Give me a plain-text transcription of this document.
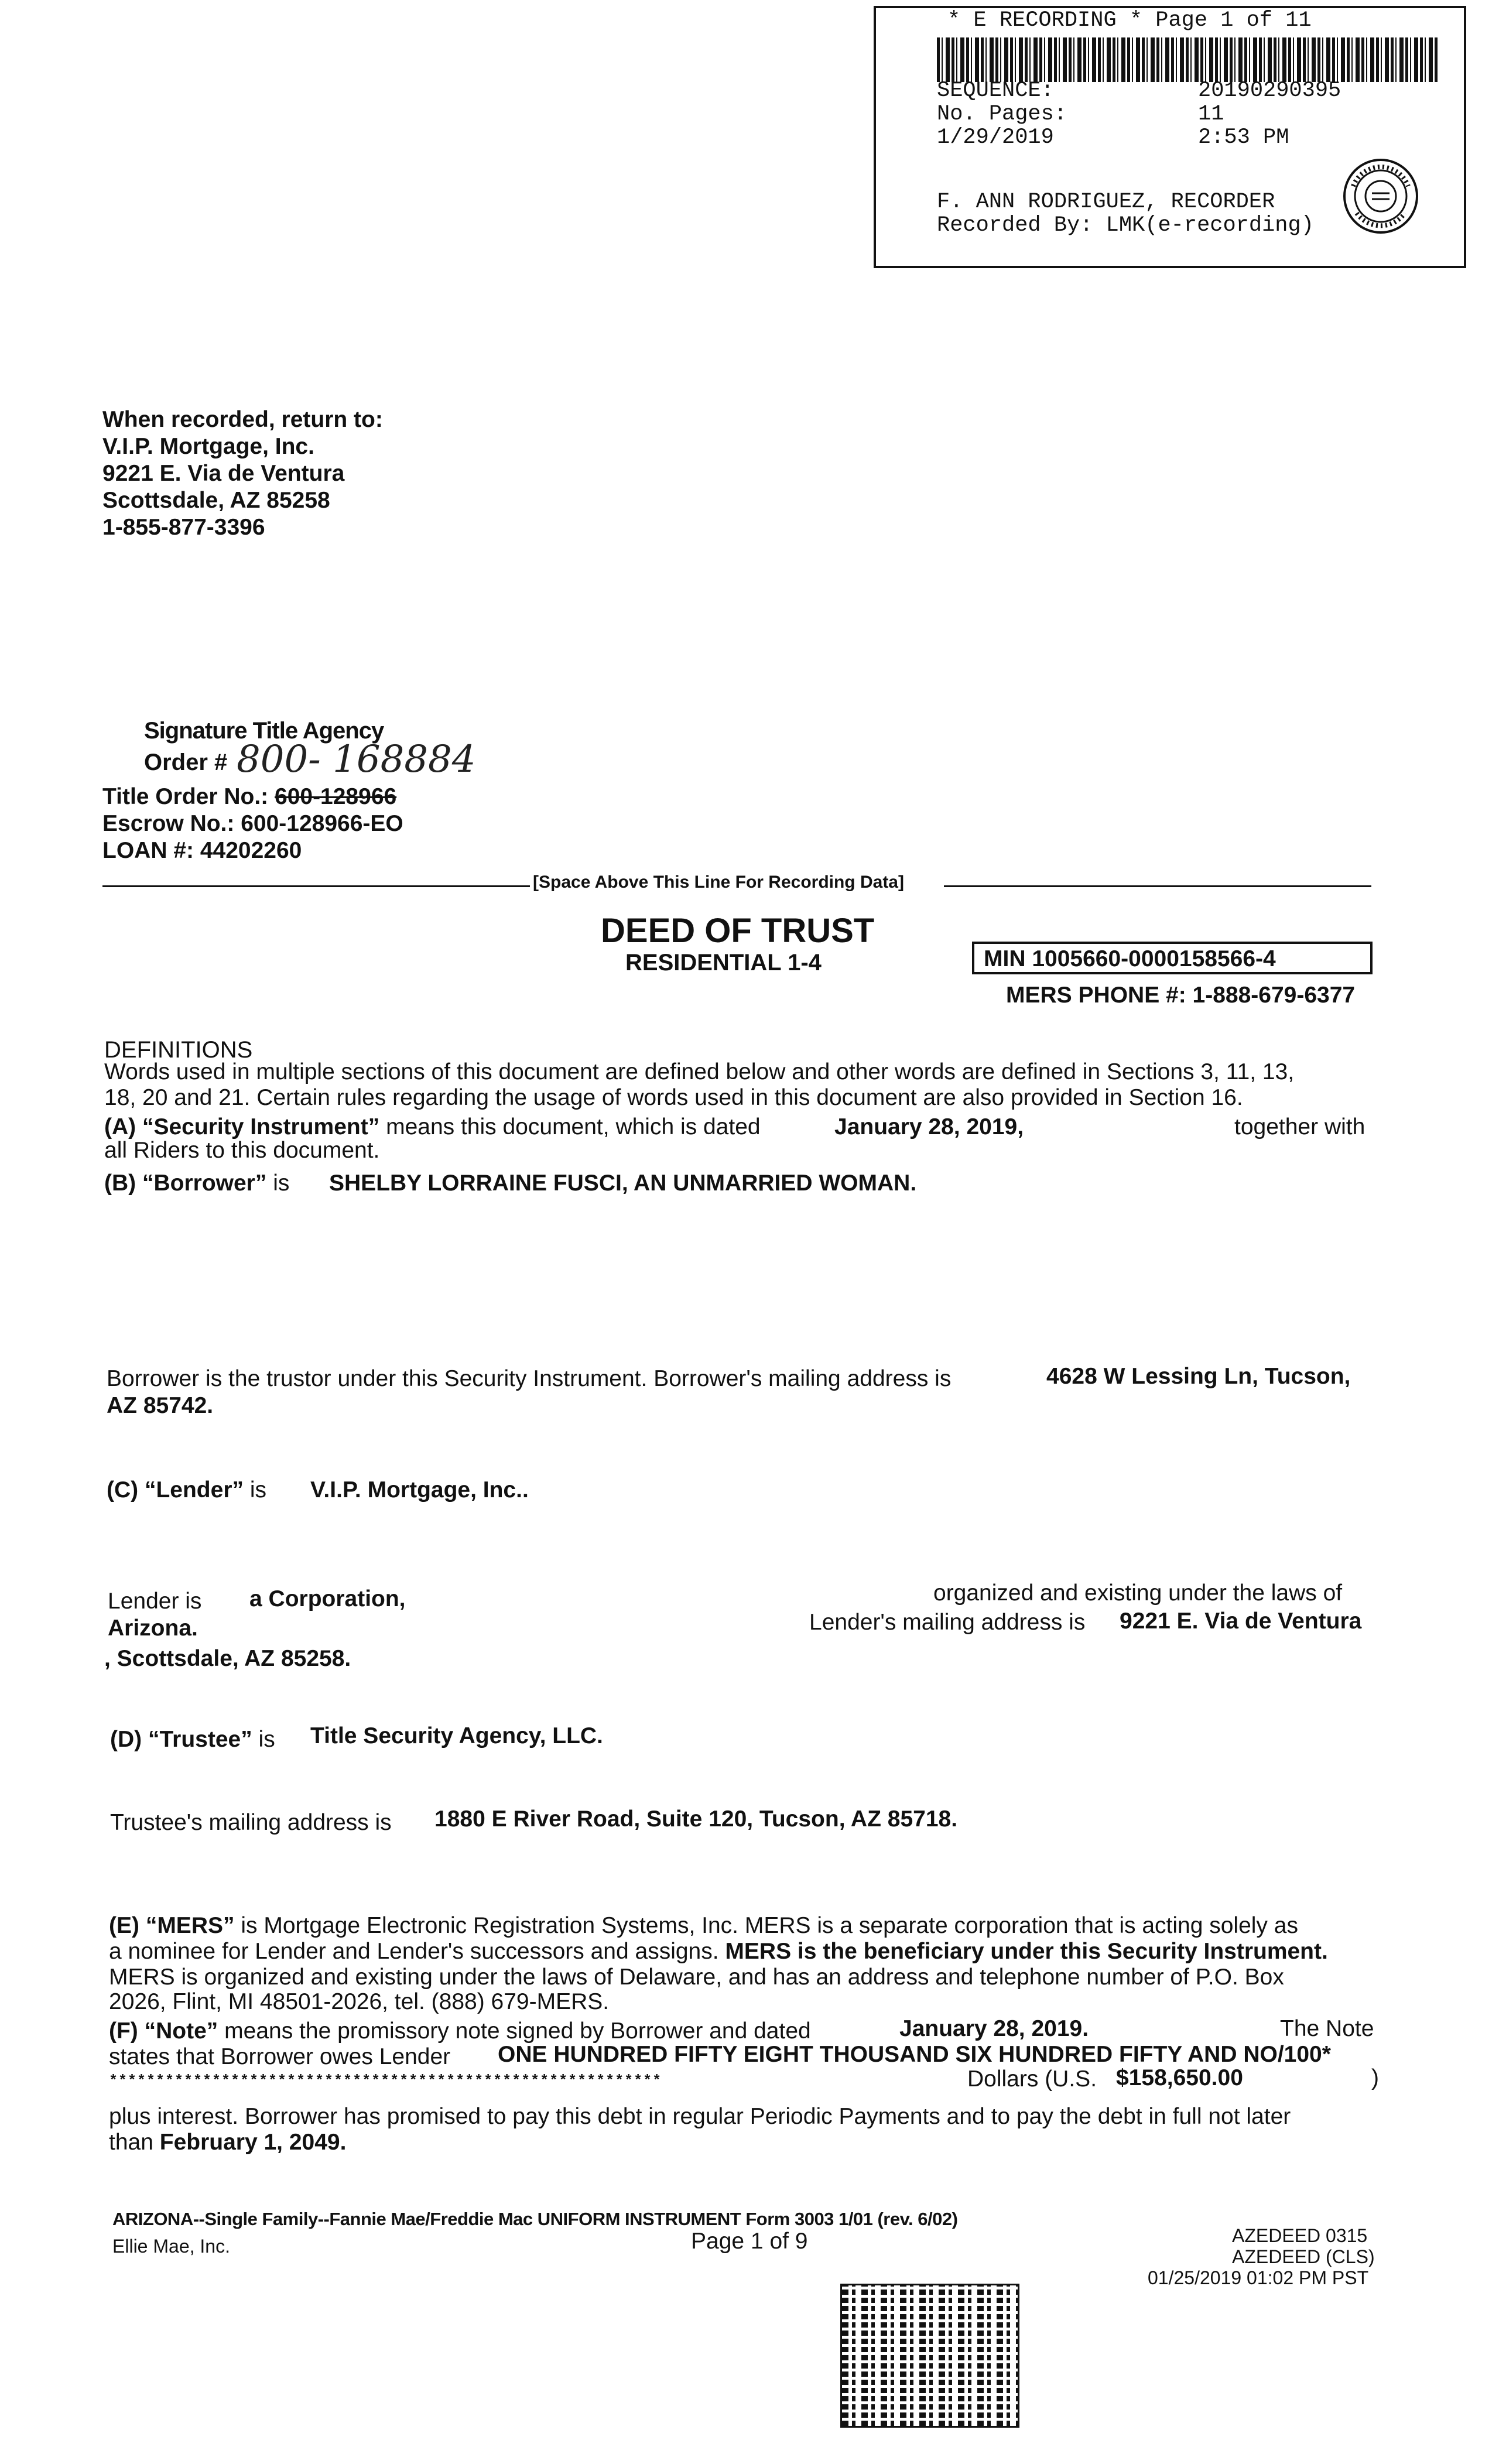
* E RECORDING * Page 1 of 11
SEQUENCE:	20190290395
No. Pages:	11
1/29/2019	2:53 PM
F. ANN RODRIGUEZ, RECORDER
Recorded By: LMK(e-recording)
When recorded, return to:
V.I.P. Mortgage, Inc.
9221 E. Via de Ventura
Scottsdale, AZ 85258
1-855-877-3396
Signature Title Agency
Order # 800- 168884
Title Order No.: 600-128966
Escrow No.: 600-128966-EO
LOAN #: 44202260
[Space Above This Line For Recording Data]
DEED OF TRUST
RESIDENTIAL 1-4	MIN 1005660-0000158566-4
MERS PHONE #: 1-888-679-6377
DEFINITIONS
Words used in multiple sections of this document are defined below and other words are defined in Sections 3, 11, 13,
18, 20 and 21. Certain rules regarding the usage of words used in this document are also provided in Section 16.
(A) “Security Instrument” means this document, which is dated	January 28, 2019,	together with
all Riders to this document.
(B) “Borrower” is SHELBY LORRAINE FUSCI, AN UNMARRIED WOMAN.
Borrower is the trustor under this Security Instrument. Borrower's mailing address is	4628 W Lessing Ln, Tucson,
AZ 85742.
(C) “Lender” is V.I.P. Mortgage, Inc..
Lender is a Corporation,	organized and existing under the laws of
Arizona.	Lender's mailing address is 9221 E. Via de Ventura
, Scottsdale, AZ 85258.
(D) “Trustee” is Title Security Agency, LLC.
Trustee's mailing address is 1880 E River Road, Suite 120, Tucson, AZ 85718.
(E) “MERS” is Mortgage Electronic Registration Systems, Inc. MERS is a separate corporation that is acting solely as
a nominee for Lender and Lender's successors and assigns. MERS is the beneficiary under this Security Instrument.
MERS is organized and existing under the laws of Delaware, and has an address and telephone number of P.O. Box
2026, Flint, MI 48501-2026, tel. (888) 679-MERS.
(F) “Note” means the promissory note signed by Borrower and dated	January 28, 2019.	The Note
states that Borrower owes Lender ONE HUNDRED FIFTY EIGHT THOUSAND SIX HUNDRED FIFTY AND NO/100*
***********************************************************	Dollars (U.S. $158,650.00	)
plus interest. Borrower has promised to pay this debt in regular Periodic Payments and to pay the debt in full not later
than February 1, 2049.
ARIZONA--Single Family--Fannie Mae/Freddie Mac UNIFORM INSTRUMENT Form 3003 1/01 (rev. 6/02)
Ellie Mae, Inc.	Page 1 of 9	AZEDEED 0315
AZEDEED (CLS)
01/25/2019 01:02 PM PST
